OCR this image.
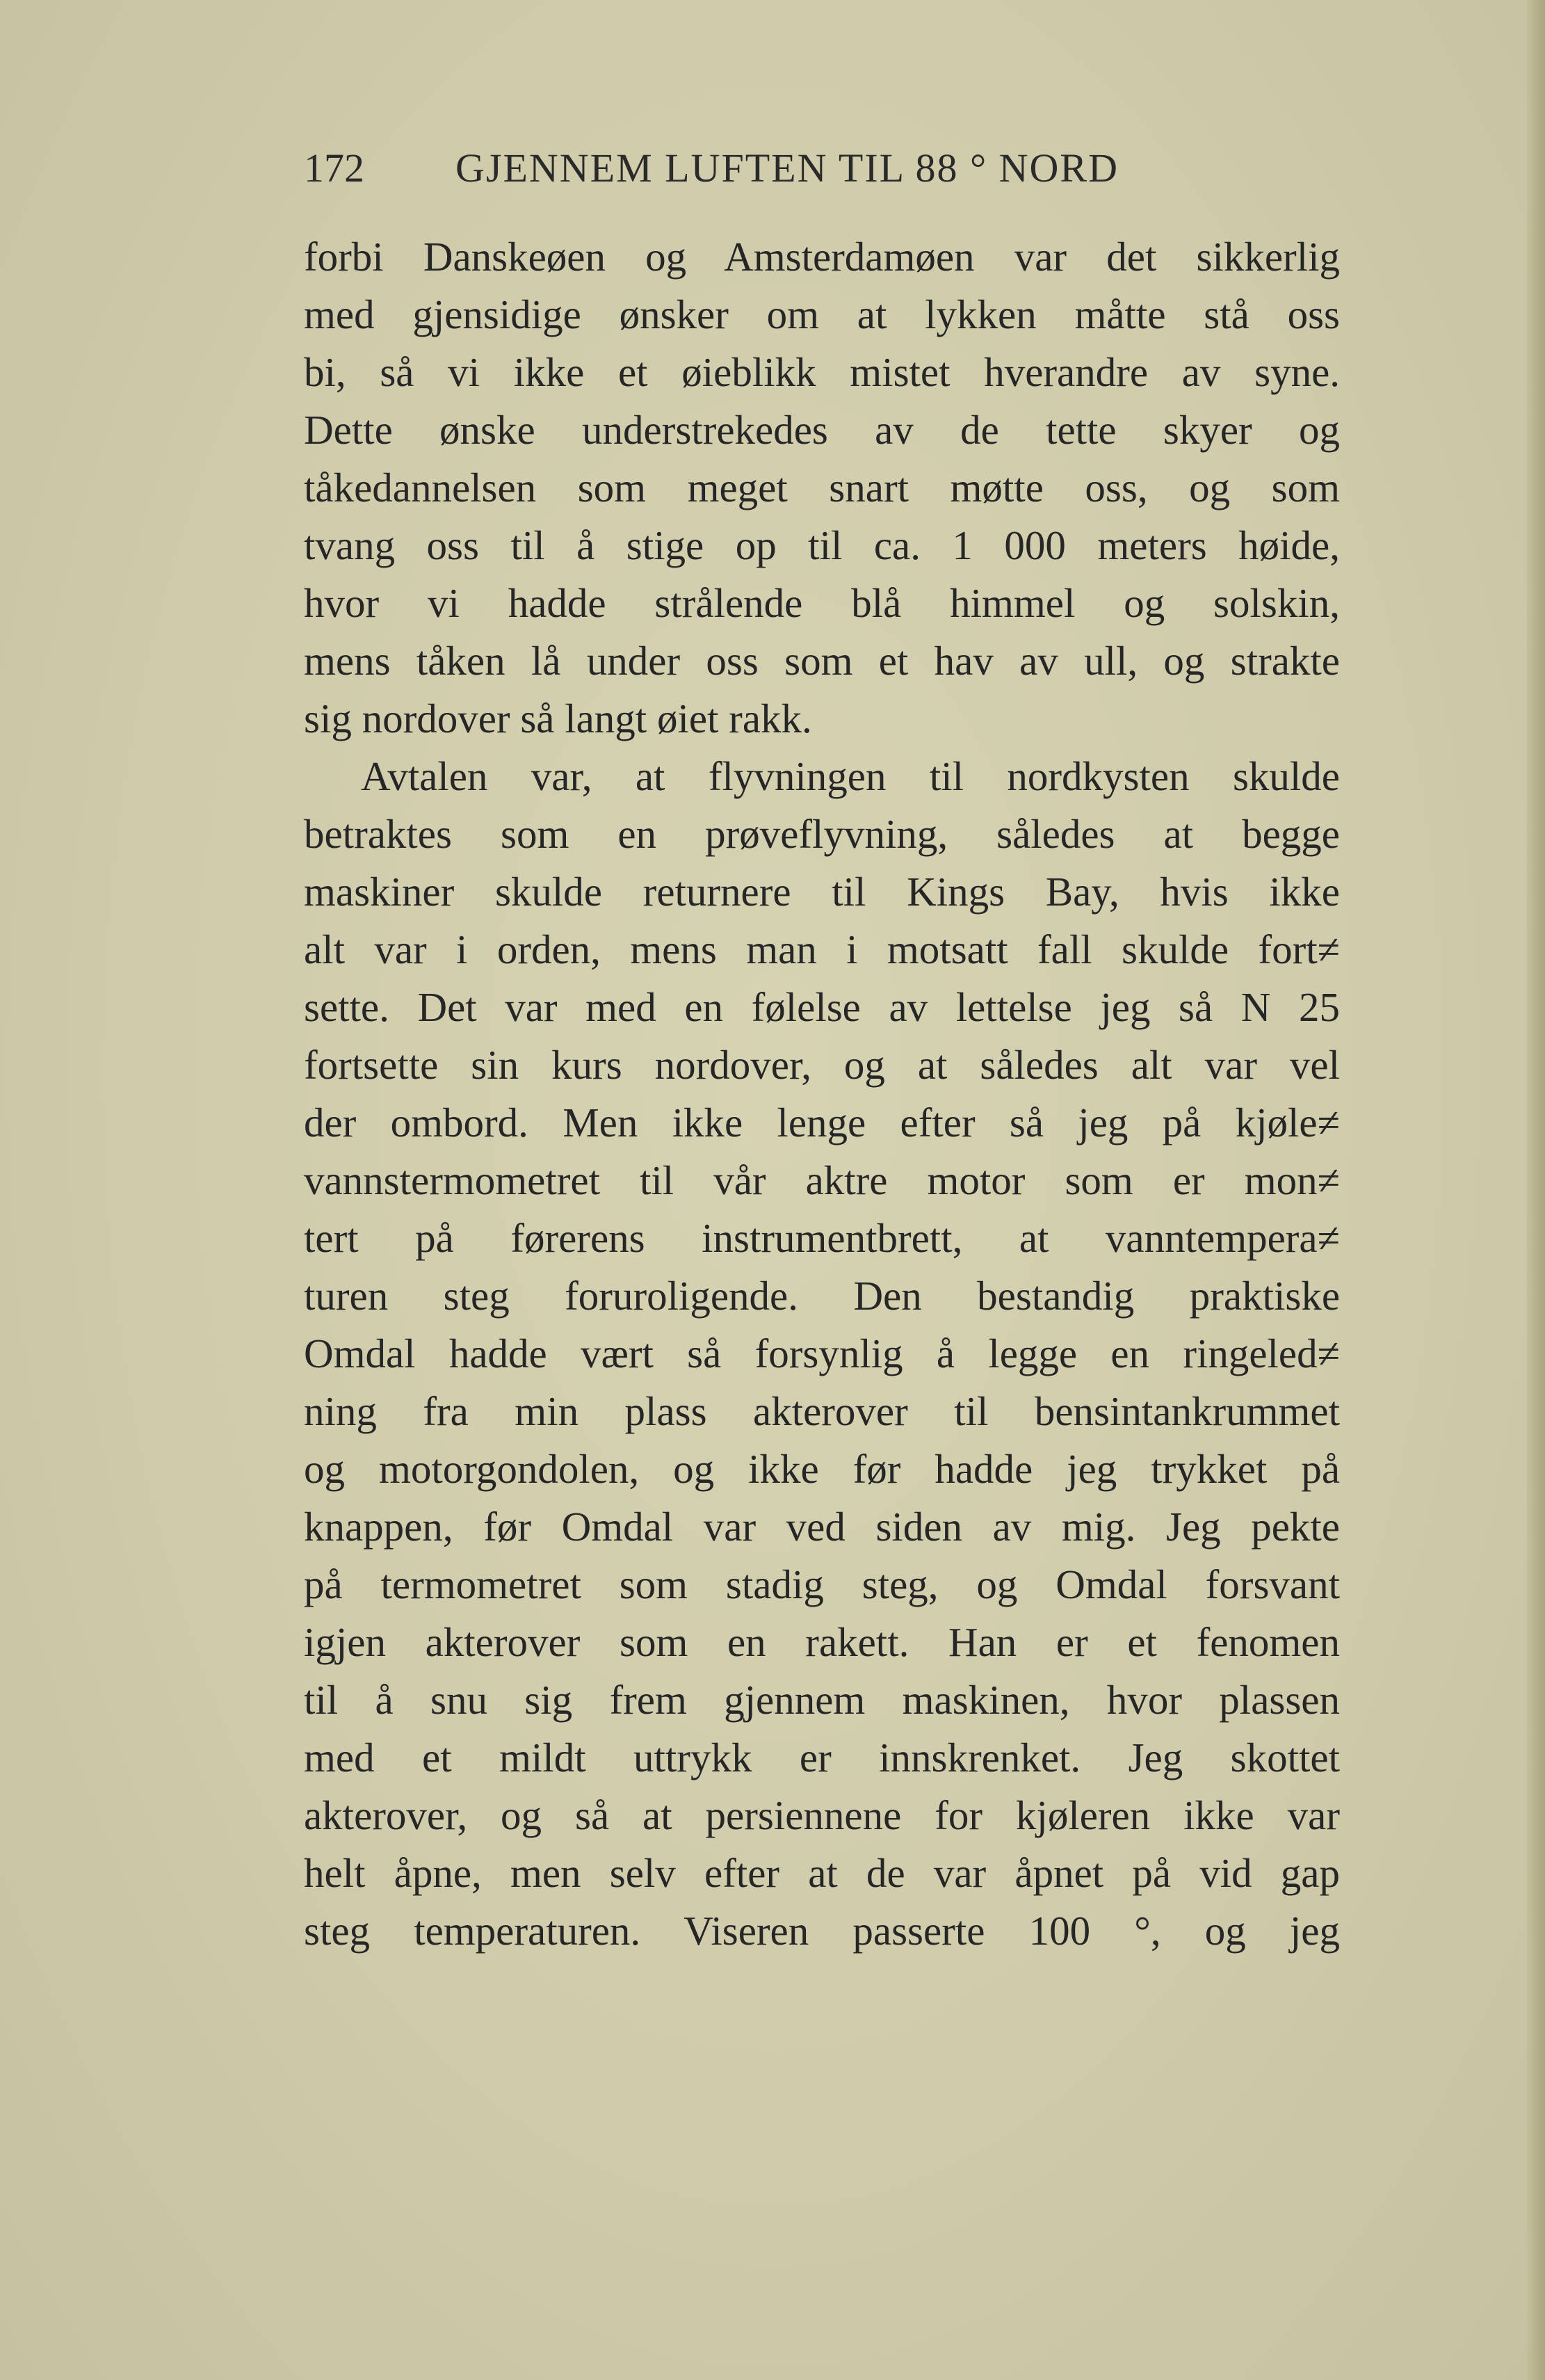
172 GJENNEM LUFTEN TIL 88 ° NORD
forbi Danskeøen og Amsterdamøen var det sikkerlig
med gjensidige ønsker om at lykken måtte stå oss
bi, så vi ikke et øieblikk mistet hverandre av syne.
Dette ønske understrekedes av de tette skyer og
tåkedannelsen som meget snart møtte oss, og som
tvang oss til å stige op til ca. 1 000 meters høide,
hvor vi hadde strålende blå himmel og solskin,
mens tåken lå under oss som et hav av ull, og strakte
sig nordover så langt øiet rakk.
Avtalen var, at flyvningen til nordkysten skulde
betraktes som en prøveflyvning, således at begge
maskiner skulde returnere til Kings Bay, hvis ikke
alt var i orden, mens man i motsatt fall skulde fort≠
sette. Det var med en følelse av lettelse jeg så N 25
fortsette sin kurs nordover, og at således alt var vel
der ombord. Men ikke lenge efter så jeg på kjøle≠
vannstermometret til vår aktre motor som er mon≠
tert på førerens instrumentbrett, at vanntempera≠
turen steg foruroligende. Den bestandig praktiske
Omdal hadde vært så forsynlig å legge en ringeled≠
ning fra min plass akterover til bensintankrummet
og motorgondolen, og ikke før hadde jeg trykket på
knappen, før Omdal var ved siden av mig. Jeg pekte
på termometret som stadig steg, og Omdal forsvant
igjen akterover som en rakett. Han er et fenomen
til å snu sig frem gjennem maskinen, hvor plassen
med et mildt uttrykk er innskrenket. Jeg skottet
akterover, og så at persiennene for kjøleren ikke var
helt åpne, men selv efter at de var åpnet på vid gap
steg temperaturen. Viseren passerte 100 °, og jeg
